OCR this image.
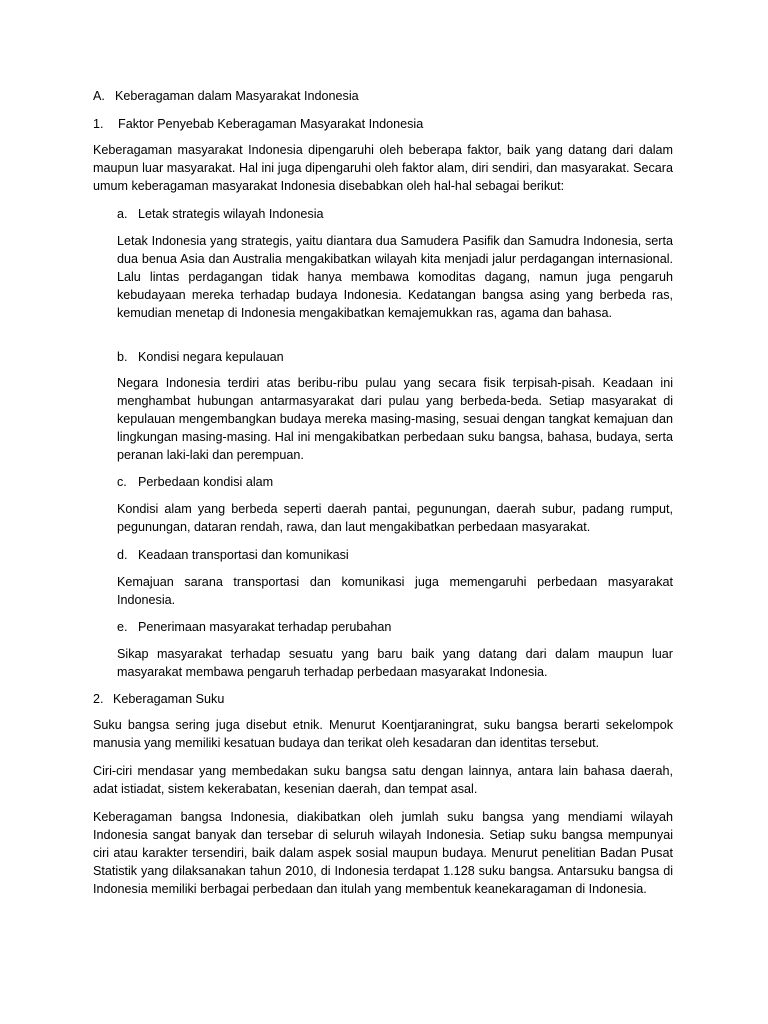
A. Keberagaman dalam Masyarakat Indonesia

1. Faktor Penyebab Keberagaman Masyarakat Indonesia

Keberagaman masyarakat Indonesia dipengaruhi oleh beberapa faktor, baik yang datang dari dalam maupun luar masyarakat. Hal ini juga dipengaruhi oleh faktor alam, diri sendiri, dan masyarakat. Secara umum keberagaman masyarakat Indonesia disebabkan oleh hal-hal sebagai berikut:

a. Letak strategis wilayah Indonesia

Letak Indonesia yang strategis, yaitu diantara dua Samudera Pasifik dan Samudra Indonesia, serta dua benua Asia dan Australia mengakibatkan wilayah kita menjadi jalur perdagangan internasional. Lalu lintas perdagangan tidak hanya membawa komoditas dagang, namun juga pengaruh kebudayaan mereka terhadap budaya Indonesia. Kedatangan bangsa asing yang berbeda ras, kemudian menetap di Indonesia mengakibatkan kemajemukkan ras, agama dan bahasa.

b. Kondisi negara kepulauan

Negara Indonesia terdiri atas beribu-ribu pulau yang secara fisik terpisah-pisah. Keadaan ini menghambat hubungan antarmasyarakat dari pulau yang berbeda-beda. Setiap masyarakat di kepulauan mengembangkan budaya mereka masing-masing, sesuai dengan tangkat kemajuan dan lingkungan masing-masing. Hal ini mengakibatkan perbedaan suku bangsa, bahasa, budaya, serta peranan laki-laki dan perempuan.

c. Perbedaan kondisi alam

Kondisi alam yang berbeda seperti daerah pantai, pegunungan, daerah subur, padang rumput, pegunungan, dataran rendah, rawa, dan laut mengakibatkan perbedaan masyarakat.

d. Keadaan transportasi dan komunikasi

Kemajuan sarana transportasi dan komunikasi juga memengaruhi perbedaan masyarakat Indonesia.

e. Penerimaan masyarakat terhadap perubahan

Sikap masyarakat terhadap sesuatu yang baru baik yang datang dari dalam maupun luar masyarakat membawa pengaruh terhadap perbedaan masyarakat Indonesia.

2. Keberagaman Suku

Suku bangsa sering juga disebut etnik. Menurut Koentjaraningrat, suku bangsa berarti sekelompok manusia yang memiliki kesatuan budaya dan terikat oleh kesadaran dan identitas tersebut.

Ciri-ciri mendasar yang membedakan suku bangsa satu dengan lainnya, antara lain bahasa daerah, adat istiadat, sistem kekerabatan, kesenian daerah, dan tempat asal.

Keberagaman bangsa Indonesia, diakibatkan oleh jumlah suku bangsa yang mendiami wilayah Indonesia sangat banyak dan tersebar di seluruh wilayah Indonesia. Setiap suku bangsa mempunyai ciri atau karakter tersendiri, baik dalam aspek sosial maupun budaya. Menurut penelitian Badan Pusat Statistik yang dilaksanakan tahun 2010, di Indonesia terdapat 1.128 suku bangsa. Antarsuku bangsa di Indonesia memiliki berbagai perbedaan dan itulah yang membentuk keanekaragaman di Indonesia.
